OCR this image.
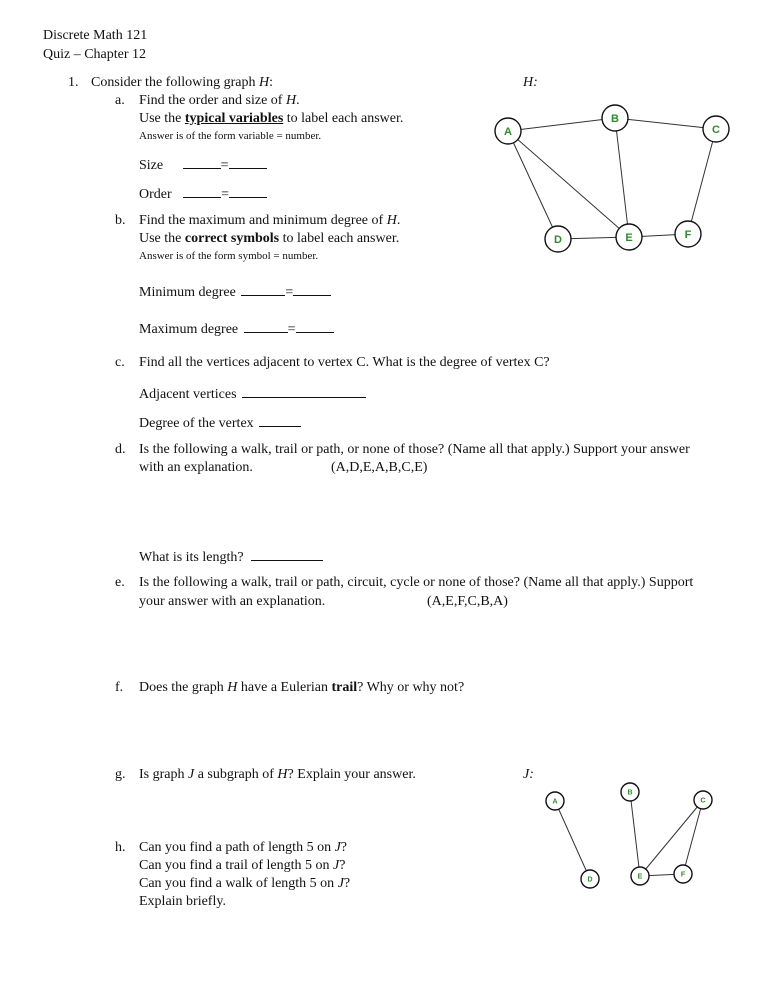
Discrete Math 121
Quiz – Chapter 12
1. Consider the following graph H:	H:
a. Find the order and size of H.
Use the typical variables to label each answer.
Answer is of the form variable = number.
Size	=
Order	=
b. Find the maximum and minimum degree of H.
Use the correct symbols to label each answer.
Answer is of the form symbol = number.
Minimum degree	=
Maximum degree	=
c. Find all the vertices adjacent to vertex C. What is the degree of vertex C?
Adjacent vertices
Degree of the vertex
d. Is the following a walk, trail or path, or none of those? (Name all that apply.) Support your answer
with an explanation.	(A,D,E,A,B,C,E)
What is its length?
e. Is the following a walk, trail or path, circuit, cycle or none of those? (Name all that apply.) Support
your answer with an explanation.	(A,E,F,C,B,A)
f. Does the graph H have a Eulerian trail? Why or why not?
g. Is graph J a subgraph of H? Explain your answer.	J:
h. Can you find a path of length 5 on J?
Can you find a trail of length 5 on J?
Can you find a walk of length 5 on J?
Explain briefly.
A
B
C
D	E	F
A
B
C
D	E	F
